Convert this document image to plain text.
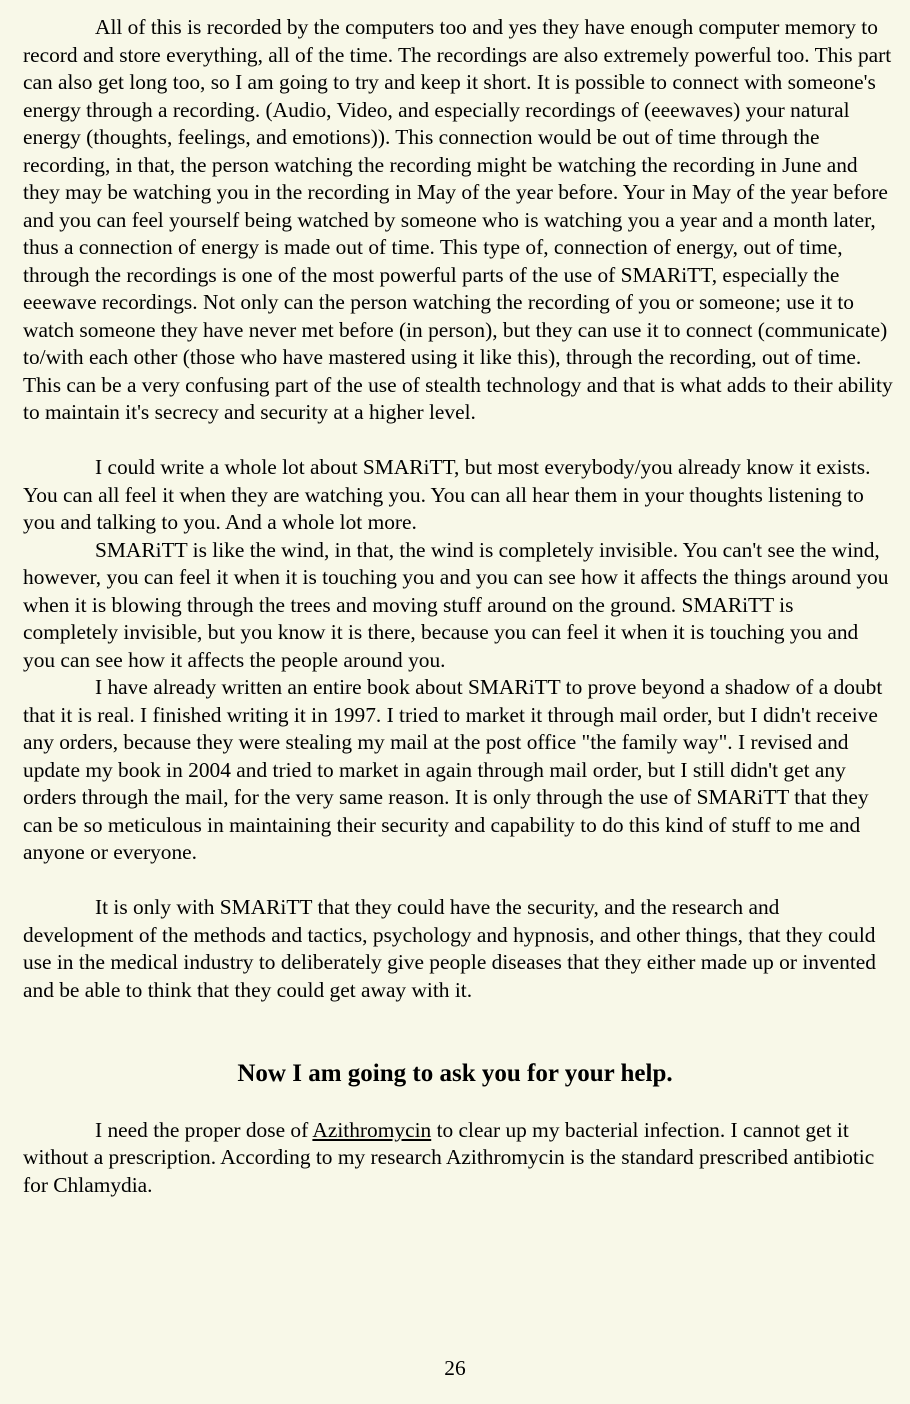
All of this is recorded by the computers too and yes they have enough computer memory to record and store everything, all of the time. The recordings are also extremely powerful too. This part can also get long too, so I am going to try and keep it short. It is possible to connect with someone's energy through a recording. (Audio, Video, and especially recordings of (eeewaves) your natural energy (thoughts, feelings, and emotions)). This connection would be out of time through the recording, in that, the person watching the recording might be watching the recording in June and they may be watching you in the recording in May of the year before. Your in May of the year before and you can feel yourself being watched by someone who is watching you a year and a month later, thus a connection of energy is made out of time. This type of, connection of energy, out of time, through the recordings is one of the most powerful parts of the use of SMARiTT, especially the eeewave recordings. Not only can the person watching the recording of you or someone; use it to watch someone they have never met before (in person), but they can use it to connect (communicate) to/with each other (those who have mastered using it like this), through the recording, out of time. This can be a very confusing part of the use of stealth technology and that is what adds to their ability to maintain it's secrecy and security at a higher level.

I could write a whole lot about SMARiTT, but most everybody/you already know it exists. You can all feel it when they are watching you. You can all hear them in your thoughts listening to you and talking to you. And a whole lot more.

SMARiTT is like the wind, in that, the wind is completely invisible. You can't see the wind, however, you can feel it when it is touching you and you can see how it affects the things around you when it is blowing through the trees and moving stuff around on the ground. SMARiTT is completely invisible, but you know it is there, because you can feel it when it is touching you and you can see how it affects the people around you.

I have already written an entire book about SMARiTT to prove beyond a shadow of a doubt that it is real. I finished writing it in 1997. I tried to market it through mail order, but I didn't receive any orders, because they were stealing my mail at the post office "the family way". I revised and update my book in 2004 and tried to market in again through mail order, but I still didn't get any orders through the mail, for the very same reason. It is only through the use of SMARiTT that they can be so meticulous in maintaining their security and capability to do this kind of stuff to me and anyone or everyone.

It is only with SMARiTT that they could have the security, and the research and development of the methods and tactics, psychology and hypnosis, and other things, that they could use in the medical industry to deliberately give people diseases that they either made up or invented and be able to think that they could get away with it.

Now I am going to ask you for your help.

I need the proper dose of Azithromycin to clear up my bacterial infection. I cannot get it without a prescription. According to my research Azithromycin is the standard prescribed antibiotic for Chlamydia.

26
